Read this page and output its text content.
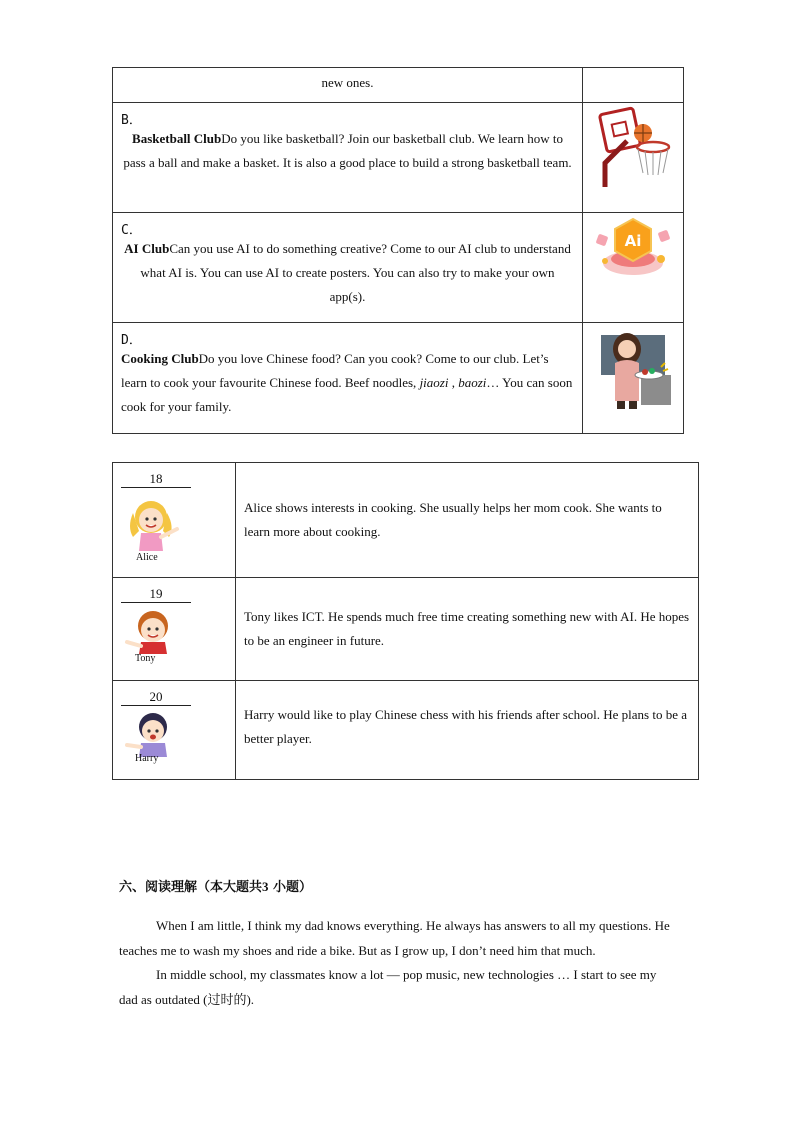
new ones.	

B．
Basketball ClubDo you like basketball? Join our basketball club. We learn how to pass a ball and make a basket. It is also a good place to build a strong basketball team.

C．
AI ClubCan you use AI to do something creative? Come to our AI club to understand what AI is. You can use AI to create posters. You can also try to make your own app(s).	Ai

D．
Cooking ClubDo you love Chinese food? Can you cook? Come to our club. Let’s learn to cook your favourite Chinese food. Beef noodles, jiaozi , baozi… You can soon cook for your family.

18
Alice	Alice shows interests in cooking. She usually helps her mom cook. She wants to learn more about cooking.

19
Tony	Tony likes ICT. He spends much free time creating something new with AI. He hopes to be an engineer in future.

20
Harry	Harry would like to play Chinese chess with his friends after school. He plans to be a better player.
六、阅读理解（本大题共3 小题）

When I am little, I think my dad knows everything. He always has answers to all my questions. He teaches me to wash my shoes and ride a bike. But as I grow up, I don’t need him that much.

In middle school, my classmates know a lot — pop music, new technologies … I start to see my dad as outdated (过时的).
